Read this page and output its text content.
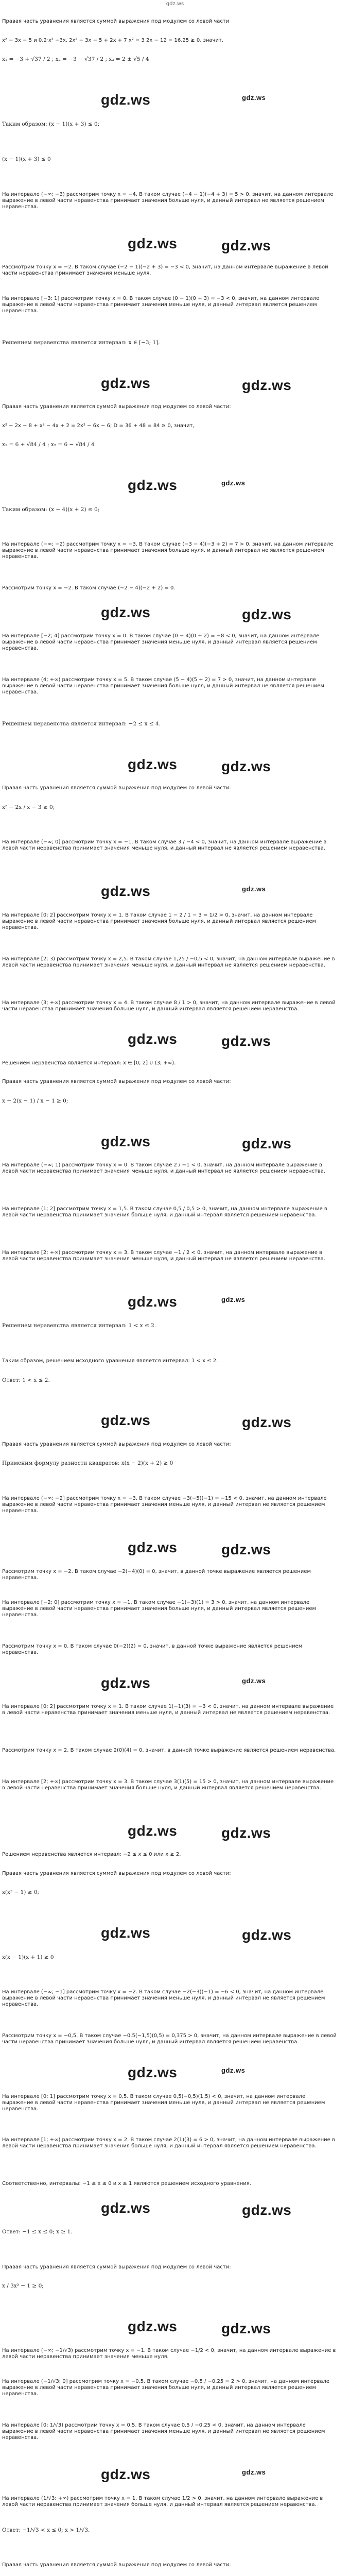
gdz.ws
Правая часть уравнения является суммой выражения под модулем со левой части
x² − 3x − 5 и 0,2·x² −3x. 2x² − 3x − 5 + 2x + 7 x² = 3 2x − 12 = 16,25 ≥ 0, значит,
x₁ = −3 + √37 / 2 ; x₂ = −3 − √37 / 2 ; x₃ = 2 ± √5 / 4
Таким образом: (x − 1)(x + 3) ≤ 0;
(x − 1)(x + 3) ≤ 0
На интервале (−∞; −3) рассмотрим точку x = −4. В таком случае (−4 − 1)(−4 + 3) = 5 > 0, значит, на данном интервале выражение в левой части неравенства принимает значения больше нуля, и данный интервал не является решением неравенства.
Рассмотрим точку x = −2. В таком случае (−2 − 1)(−2 + 3) = −3 < 0, значит, на данном интервале выражение в левой части неравенства принимает значения меньше нуля.
На интервале [−3; 1] рассмотрим точку x = 0. В таком случае (0 − 1)(0 + 3) = −3 < 0, значит, на данном интервале выражение в левой части неравенства принимает значения меньше нуля, и данный интервал является решением неравенства.
Решением неравенства является интервал: x ∈ [−3; 1].
Правая часть уравнения является суммой выражения под модулем со левой части:
x² − 2x − 8 + x² − 4x + 2 = 2x² − 6x − 6; D = 36 + 48 = 84 ≥ 0, значит,
x₁ = 6 + √84 / 4 ; x₂ = 6 − √84 / 4
Таким образом: (x − 4)(x + 2) ≤ 0;
На интервале (−∞; −2) рассмотрим точку x = −3. В таком случае (−3 − 4)(−3 + 2) = 7 > 0, значит, на данном интервале выражение в левой части неравенства принимает значения больше нуля, и данный интервал не является решением неравенства.
Рассмотрим точку x = −2. В таком случае (−2 − 4)(−2 + 2) = 0.
На интервале [−2; 4] рассмотрим точку x = 0. В таком случае (0 − 4)(0 + 2) = −8 < 0, значит, на данном интервале выражение в левой части неравенства принимает значения меньше нуля, и данный интервал является решением неравенства.
На интервале (4; +∞) рассмотрим точку x = 5. В таком случае (5 − 4)(5 + 2) = 7 > 0, значит, на данном интервале выражение в левой части неравенства принимает значения больше нуля, и данный интервал не является решением неравенства.
Решением неравенства является интервал: −2 ≤ x ≤ 4.
Правая часть уравнения является суммой выражения под модулем со левой части:
x² − 2x / x − 3 ≥ 0;
На интервале (−∞; 0] рассмотрим точку x = −1. В таком случае 3 / −4 < 0, значит, на данном интервале выражение в левой части неравенства принимает значения меньше нуля, и данный интервал не является решением неравенства.
На интервале [0; 2] рассмотрим точку x = 1. В таком случае 1 − 2 / 1 − 3 = 1/2 > 0, значит, на данном интервале выражение в левой части неравенства принимает значения больше нуля, и данный интервал является решением неравенства.
На интервале [2; 3) рассмотрим точку x = 2,5. В таком случае 1,25 / −0,5 < 0, значит, на данном интервале выражение в левой части неравенства принимает значения меньше нуля, и данный интервал не является решением неравенства.
На интервале (3; +∞) рассмотрим точку x = 4. В таком случае 8 / 1 > 0, значит, на данном интервале выражение в левой части неравенства принимает значения больше нуля, и данный интервал является решением неравенства.
Решением неравенства является интервал: x ∈ [0; 2] ∪ (3; +∞).
Правая часть уравнения является суммой выражения под модулем со левой части:
x − 2(x − 1) / x − 1 ≥ 0;
На интервале (−∞; 1) рассмотрим точку x = 0. В таком случае 2 / −1 < 0, значит, на данном интервале выражение в левой части неравенства принимает значения меньше нуля, и данный интервал не является решением неравенства.
На интервале (1; 2] рассмотрим точку x = 1,5. В таком случае 0,5 / 0,5 > 0, значит, на данном интервале выражение в левой части неравенства принимает значения больше нуля, и данный интервал является решением неравенства.
На интервале [2; +∞) рассмотрим точку x = 3. В таком случае −1 / 2 < 0, значит, на данном интервале выражение в левой части неравенства принимает значения меньше нуля, и данный интервал не является решением неравенства.
Решением неравенства является интервал: 1 < x ≤ 2.
Таким образом, решением исходного уравнения является интервал: 1 < x ≤ 2.
Ответ: 1 < x ≤ 2.
Правая часть уравнения является суммой выражения под модулем со левой части:
Применим формулу разности квадратов: x(x − 2)(x + 2) ≥ 0
На интервале (−∞; −2] рассмотрим точку x = −3. В таком случае −3(−5)(−1) = −15 < 0, значит, на данном интервале выражение в левой части неравенства принимает значения меньше нуля, и данный интервал не является решением неравенства.
Рассмотрим точку x = −2. В таком случае −2(−4)(0) = 0, значит, в данной точке выражение является решением неравенства.
На интервале [−2; 0] рассмотрим точку x = −1. В таком случае −1(−3)(1) = 3 > 0, значит, на данном интервале выражение в левой части неравенства принимает значения больше нуля, и данный интервал является решением неравенства.
Рассмотрим точку x = 0. В таком случае 0(−2)(2) = 0, значит, в данной точке выражение является решением неравенства.
На интервале [0; 2] рассмотрим точку x = 1. В таком случае 1(−1)(3) = −3 < 0, значит, на данном интервале выражение в левой части неравенства принимает значения меньше нуля, и данный интервал не является решением неравенства.
Рассмотрим точку x = 2. В таком случае 2(0)(4) = 0, значит, в данной точке выражение является решением неравенства.
На интервале [2; +∞) рассмотрим точку x = 3. В таком случае 3(1)(5) = 15 > 0, значит, на данном интервале выражение в левой части неравенства принимает значения больше нуля, и данный интервал является решением неравенства.
Решением неравенства является интервал: −2 ≤ x ≤ 0 или x ≥ 2.
Правая часть уравнения является суммой выражения под модулем со левой части:
x(x² − 1) ≥ 0;
x(x − 1)(x + 1) ≥ 0
На интервале (−∞; −1] рассмотрим точку x = −2. В таком случае −2(−3)(−1) = −6 < 0, значит, на данном интервале выражение в левой части неравенства принимает значения меньше нуля, и данный интервал не является решением неравенства.
Рассмотрим точку x = −0,5. В таком случае −0,5(−1,5)(0,5) = 0,375 > 0, значит, на данном интервале выражение в левой части неравенства принимает значения больше нуля, и данный интервал является решением неравенства.
На интервале [0; 1] рассмотрим точку x = 0,5. В таком случае 0,5(−0,5)(1,5) < 0, значит, на данном интервале выражение в левой части неравенства принимает значения меньше нуля, и данный интервал не является решением неравенства.
На интервале [1; +∞) рассмотрим точку x = 2. В таком случае 2(1)(3) = 6 > 0, значит, на данном интервале выражение в левой части неравенства принимает значения больше нуля, и данный интервал является решением неравенства.
Соответственно, интервалы: −1 ≤ x ≤ 0 и x ≥ 1 являются решением исходного уравнения.
Ответ: −1 ≤ x ≤ 0; x ≥ 1.
Правая часть уравнения является суммой выражения под модулем со левой части:
x / 3x² − 1 ≥ 0;
На интервале (−∞; −1/√3) рассмотрим точку x = −1. В таком случае −1/2 < 0, значит, на данном интервале выражение в левой части неравенства принимает значения меньше нуля.
На интервале (−1/√3; 0] рассмотрим точку x = −0,5. В таком случае −0,5 / −0,25 = 2 > 0, значит, на данном интервале выражение в левой части неравенства принимает значения больше нуля, и данный интервал является решением неравенства.
На интервале [0; 1/√3) рассмотрим точку x = 0,5. В таком случае 0,5 / −0,25 < 0, значит, на данном интервале выражение в левой части неравенства принимает значения меньше нуля, и данный интервал не является решением неравенства.
На интервале (1/√3; +∞) рассмотрим точку x = 1. В таком случае 1/2 > 0, значит, на данном интервале выражение в левой части неравенства принимает значения больше нуля, и данный интервал является решением неравенства.
Ответ: −1/√3 < x ≤ 0; x > 1/√3.
Правая часть уравнения является суммой выражения под модулем со левой части:
gdz.ws	gdz.ws
gdz.ws	gdz.ws
gdz.ws	gdz.ws
gdz.ws	gdz.ws
gdz.ws	gdz.ws
gdz.ws	gdz.ws
gdz.ws	gdz.ws
gdz.ws	gdz.ws
gdz.ws	gdz.ws
gdz.ws	gdz.ws
gdz.ws	gdz.ws
gdz.ws	gdz.ws
gdz.ws	gdz.ws
gdz.ws	gdz.ws
gdz.ws	gdz.ws
gdz.ws	gdz.ws
gdz.ws	gdz.ws
gdz.ws	gdz.ws
gdz.ws	gdz.ws
